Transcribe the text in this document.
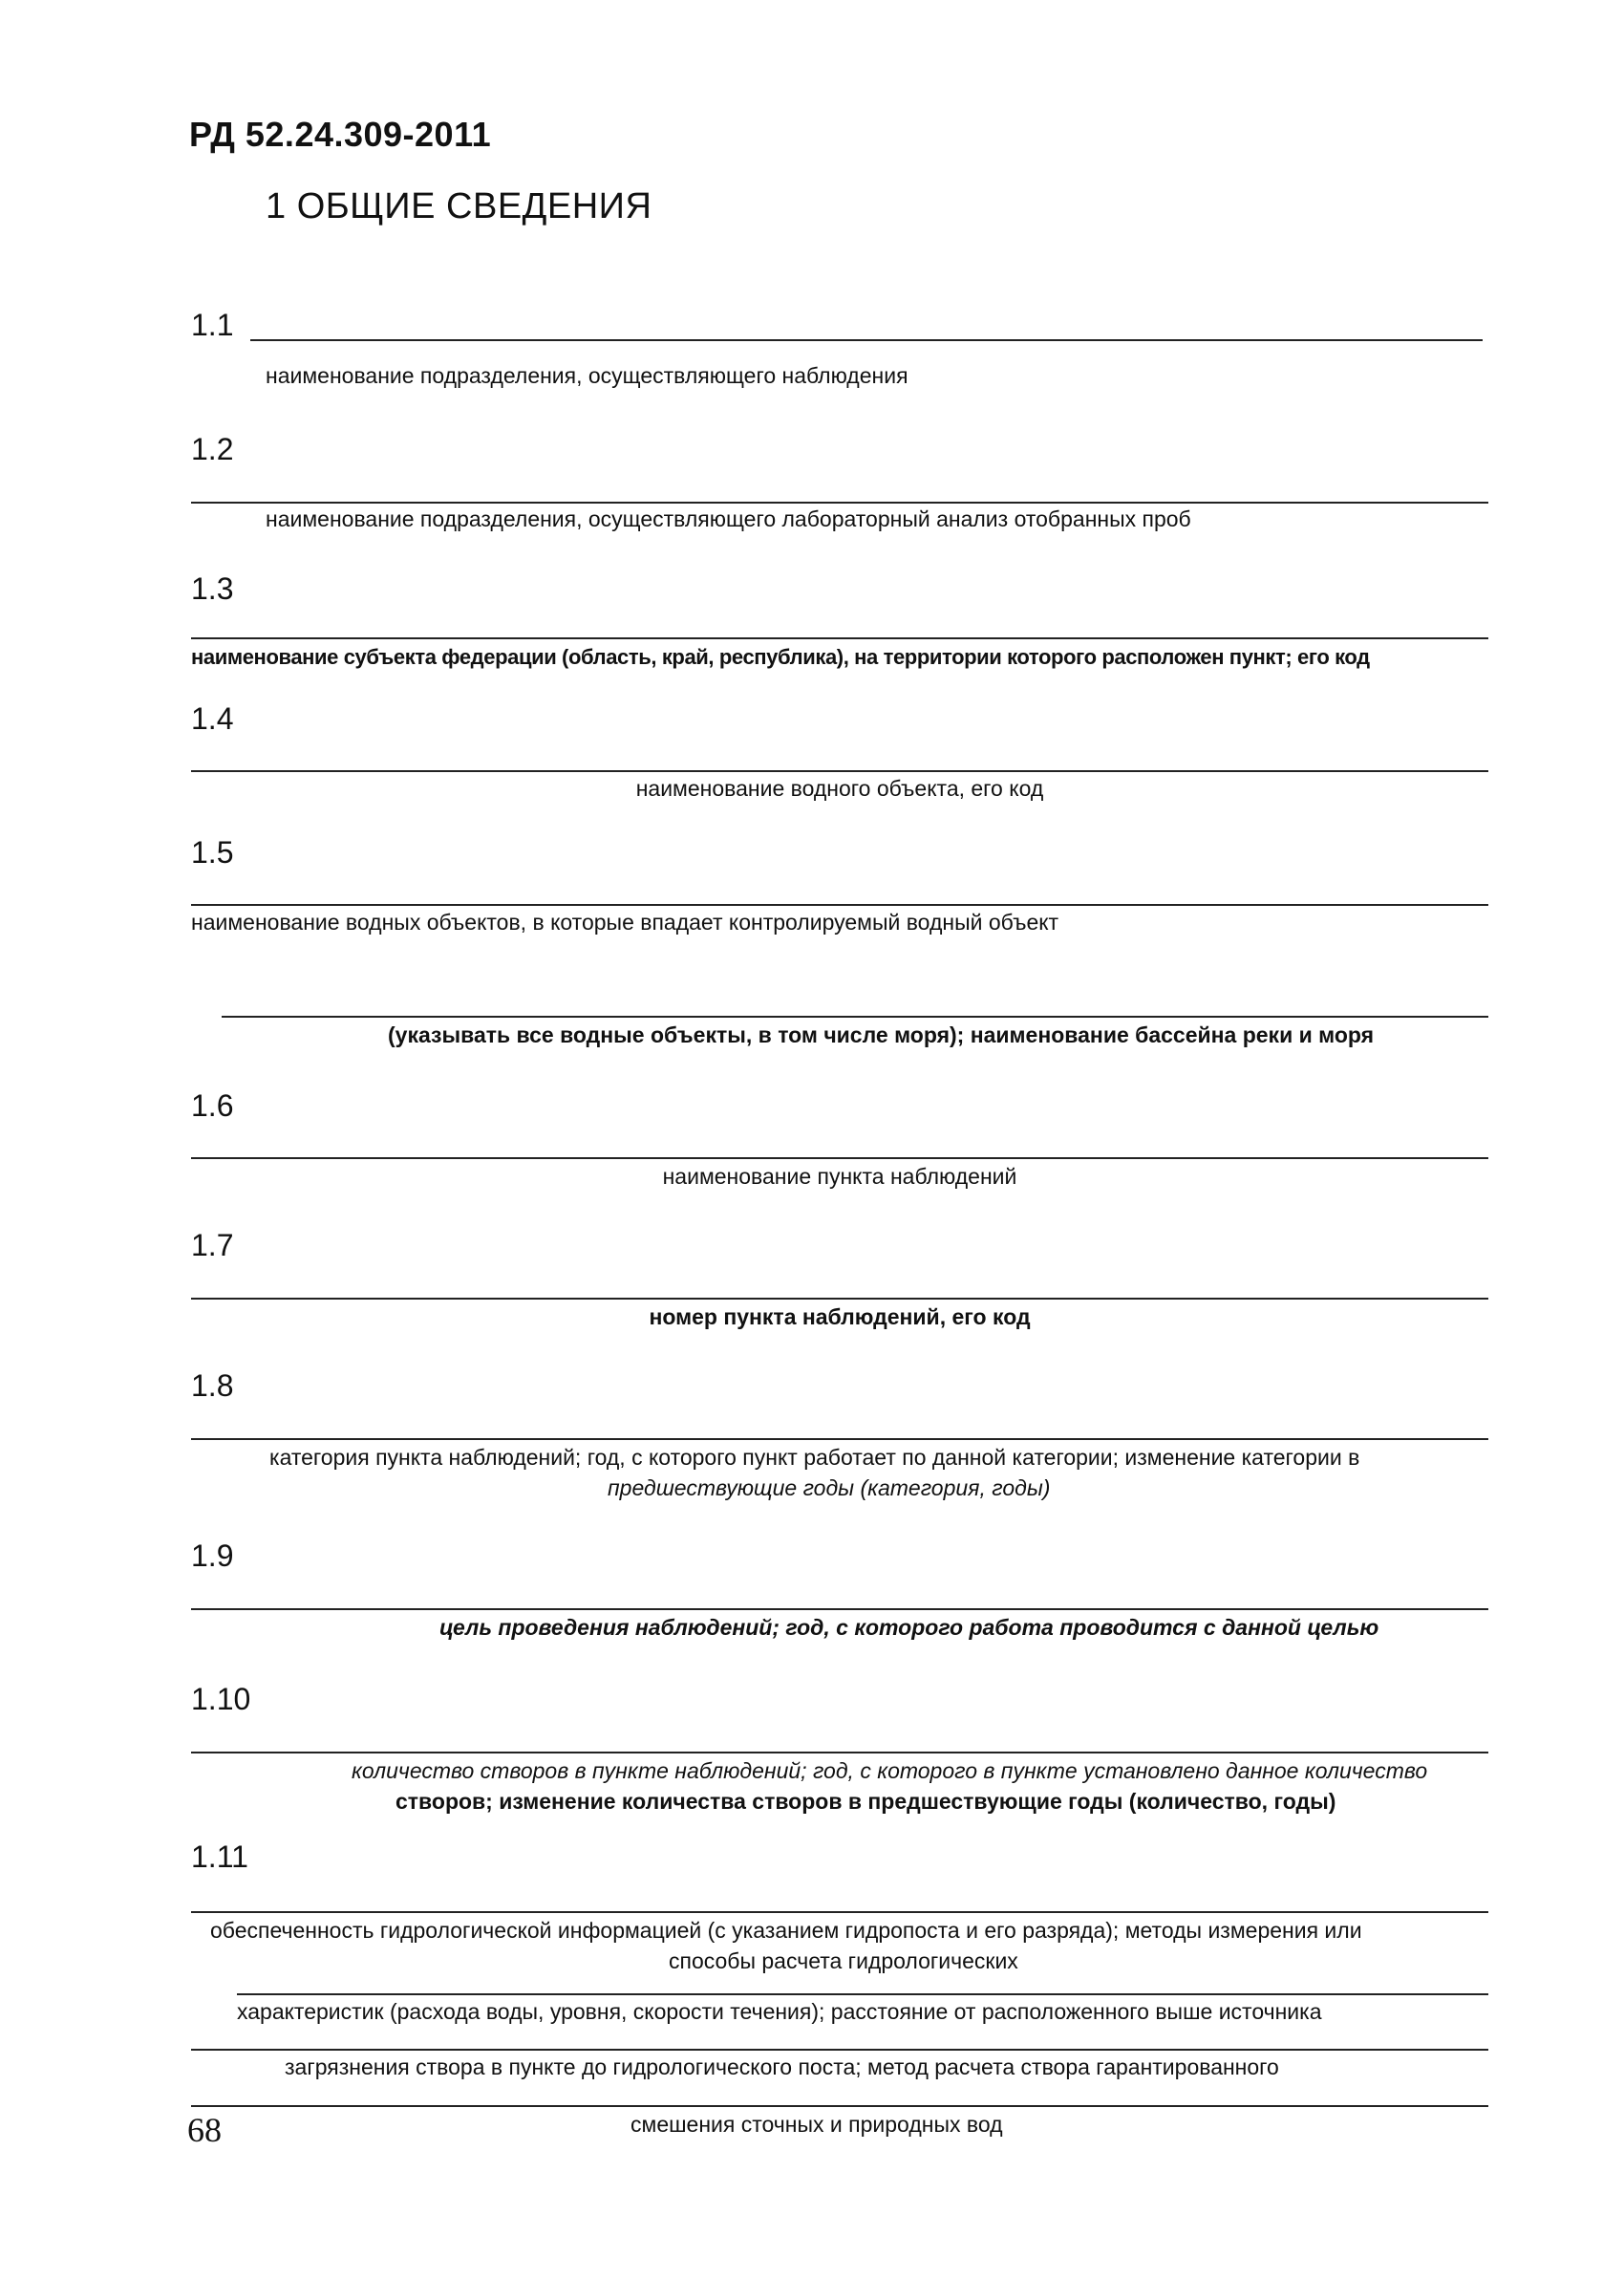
РД 52.24.309-2011
1 ОБЩИЕ СВЕДЕНИЯ
1.1
наименование подразделения, осуществляющего наблюдения
1.2
наименование подразделения, осуществляющего лабораторный анализ отобранных проб
1.3
наименование субъекта федерации (область, край, республика), на территории которого расположен пункт; его код
1.4
наименование водного объекта, его код
1.5
наименование водных объектов, в которые впадает контролируемый водный объект
(указывать все водные объекты, в том числе моря); наименование бассейна реки и моря
1.6
наименование пункта наблюдений
1.7
номер пункта наблюдений, его код
1.8
категория пункта наблюдений; год, с которого пункт работает по данной категории; изменение категории в
предшествующие годы (категория, годы)
1.9
цель проведения наблюдений; год, с которого работа проводится с данной целью
1.10
количество створов в пункте наблюдений; год, с которого в пункте установлено данное количество
створов; изменение количества створов в предшествующие годы (количество, годы)
1.11
обеспеченность гидрологической информацией (с указанием гидропоста и его разряда); методы измерения или
способы расчета гидрологических
характеристик (расхода воды, уровня, скорости течения); расстояние от расположенного выше источника
загрязнения створа в пункте до гидрологического поста; метод расчета створа гарантированного
смешения сточных и природных вод
68
